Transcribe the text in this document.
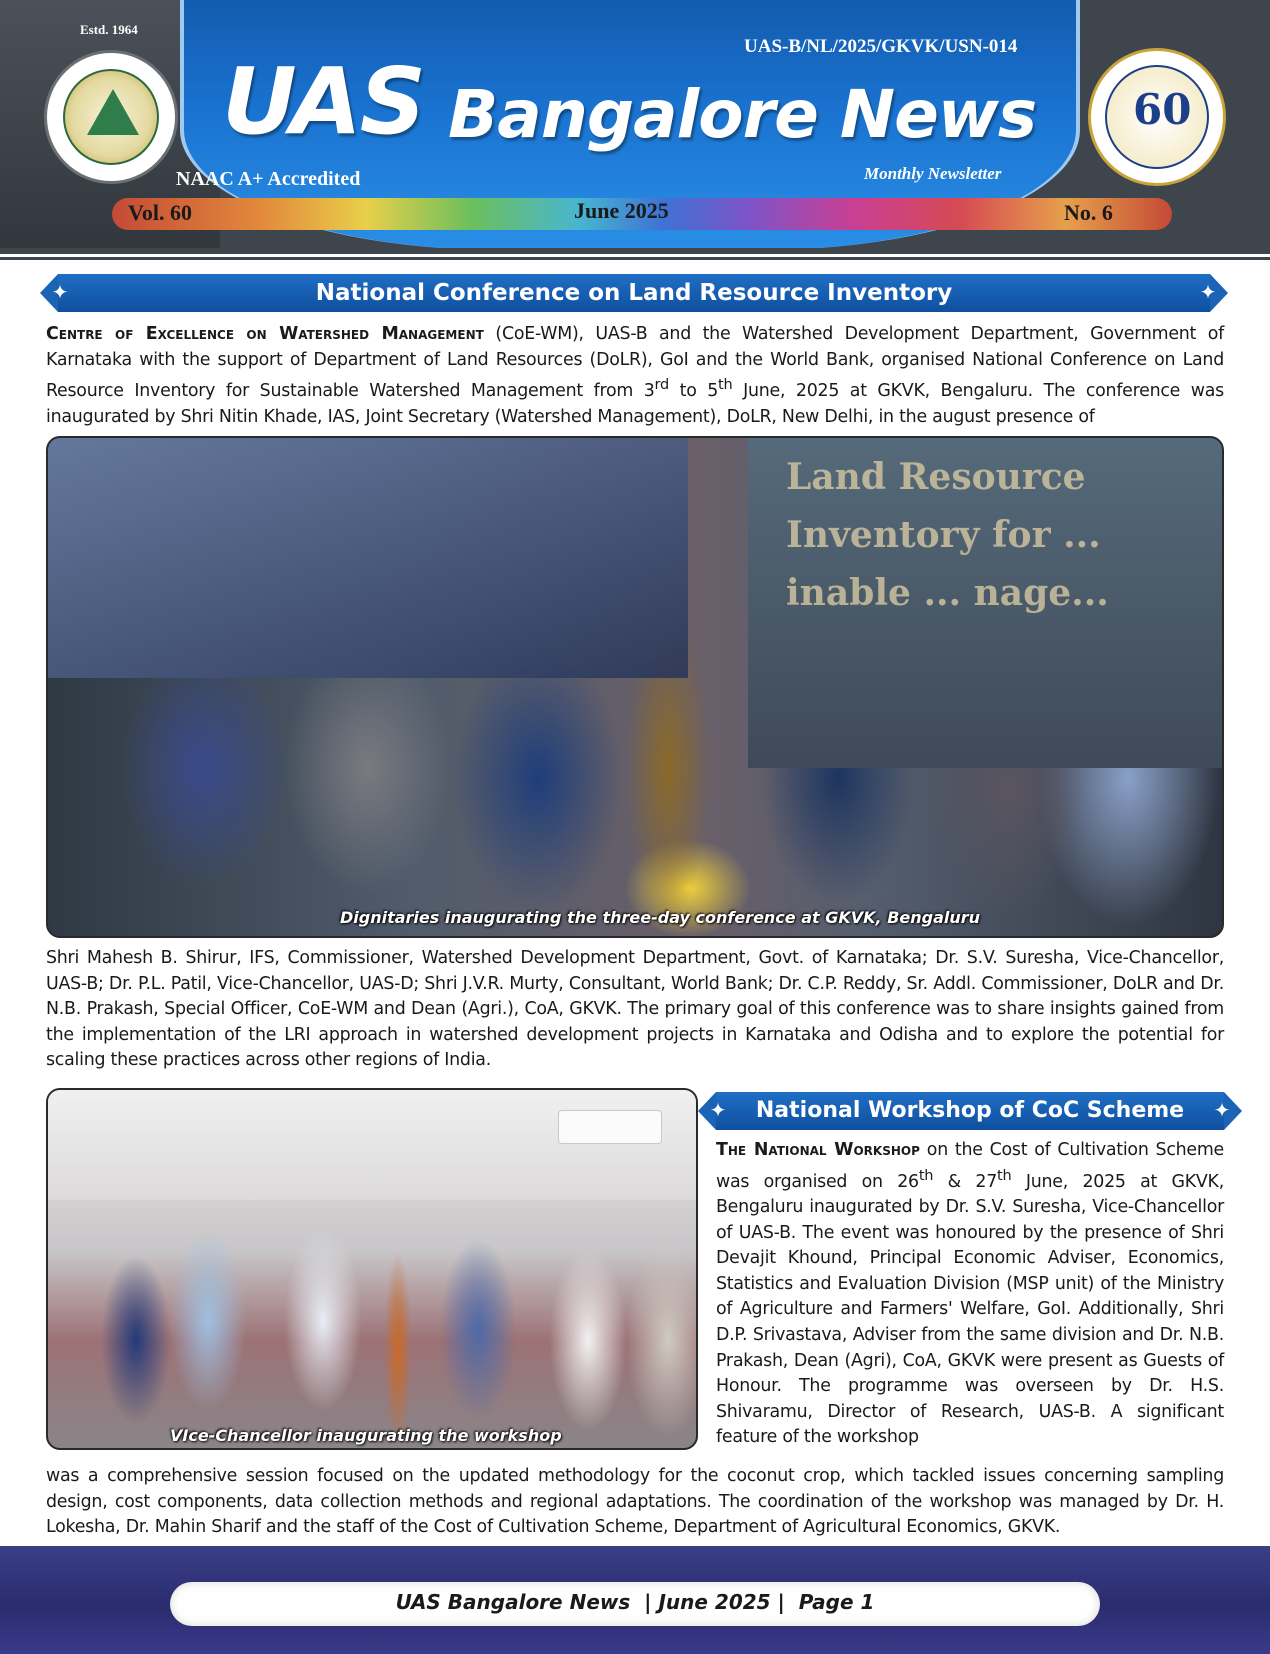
Estd. 1964
UAS Bangalore News
UAS-B/NL/2025/GKVK/USN-014
NAAC A+ Accredited	Monthly Newsletter
60
Vol. 60	June 2025	No. 6
✦	National Conference on Land Resource Inventory	✦
Centre of Excellence on Watershed Management (CoE-WM), UAS-B and the Watershed Development Department, Government of Karnataka with the support of Department of Land Resources (DoLR), GoI and the World Bank, organised National Conference on Land Resource Inventory for Sustainable Watershed Management from 3rd to 5th June, 2025 at GKVK, Bengaluru. The conference was inaugurated by Shri Nitin Khade, IAS, Joint Secretary (Watershed Management), DoLR, New Delhi, in the august presence of
Land Resource Inventory for ... inable ... nage...
Dignitaries inaugurating the three-day conference at GKVK, Bengaluru
Shri Mahesh B. Shirur, IFS, Commissioner, Watershed Development Department, Govt. of Karnataka; Dr. S.V. Suresha, Vice-Chancellor, UAS-B; Dr. P.L. Patil, Vice-Chancellor, UAS-D; Shri J.V.R. Murty, Consultant, World Bank; Dr. C.P. Reddy, Sr. Addl. Commissioner, DoLR and Dr. N.B. Prakash, Special Officer, CoE-WM and Dean (Agri.), CoA, GKVK. The primary goal of this conference was to share insights gained from the implementation of the LRI approach in watershed development projects in Karnataka and Odisha and to explore the potential for scaling these practices across other regions of India.
VIce-Chancellor inaugurating the workshop
✦ National Workshop of CoC Scheme ✦
The National Workshop on the Cost of Cultivation Scheme was organised on 26th & 27th June, 2025 at GKVK, Bengaluru inaugurated by Dr. S.V. Suresha, Vice-Chancellor of UAS-B. The event was honoured by the presence of Shri Devajit Khound, Principal Economic Adviser, Economics, Statistics and Evaluation Division (MSP unit) of the Ministry of Agriculture and Farmers' Welfare, GoI. Additionally, Shri D.P. Srivastava, Adviser from the same division and Dr. N.B. Prakash, Dean (Agri), CoA, GKVK were present as Guests of Honour. The programme was overseen by Dr. H.S. Shivaramu, Director of Research, UAS-B. A significant feature of the workshop
was a comprehensive session focused on the updated methodology for the coconut crop, which tackled issues concerning sampling design, cost components, data collection methods and regional adaptations. The coordination of the workshop was managed by Dr. H. Lokesha, Dr. Mahin Sharif and the staff of the Cost of Cultivation Scheme, Department of Agricultural Economics, GKVK.
UAS Bangalore News  | June 2025 |  Page 1
